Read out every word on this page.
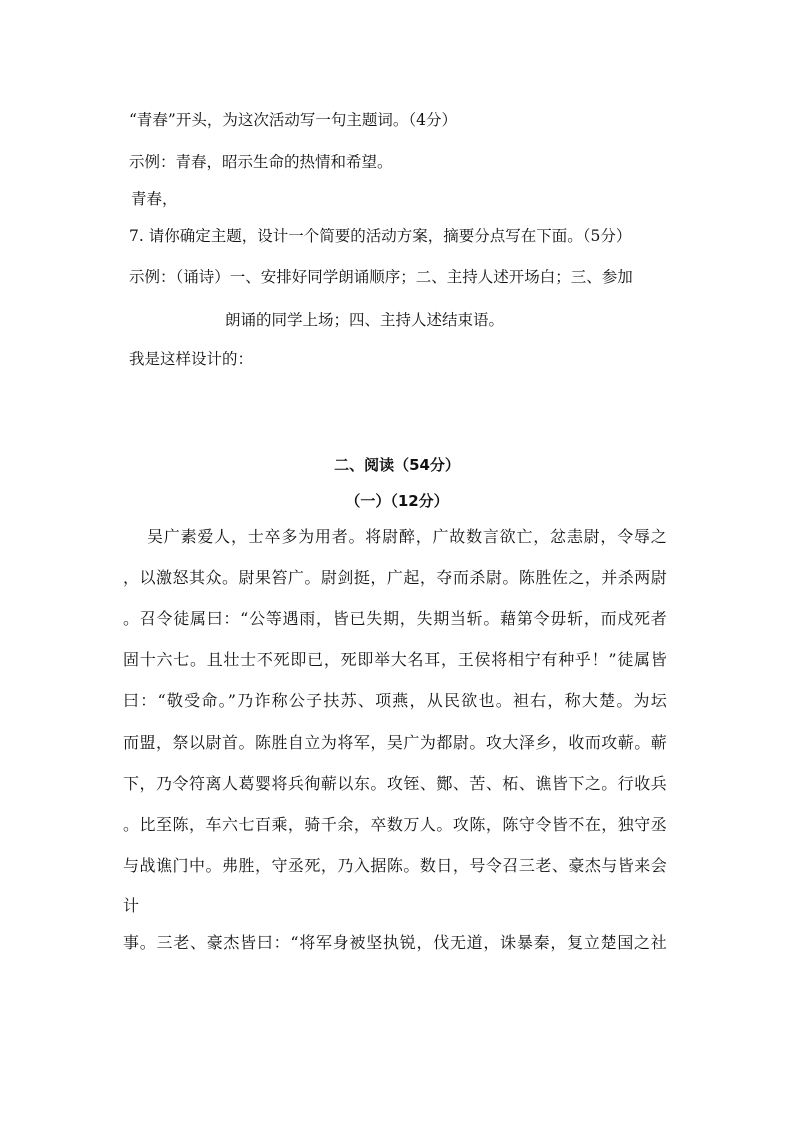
“青春”开头，为这次活动写一句主题词。（4分）
示例：青春，昭示生命的热情和希望。
青春，
7. 请你确定主题，设计一个简要的活动方案，摘要分点写在下面。（5分）
示例：（诵诗）一、安排好同学朗诵顺序；二、主持人述开场白；三、参加
朗诵的同学上场；四、主持人述结束语。
我是这样设计的：
二、阅读（54分）
（一）（12分）
吴广素爱人，士卒多为用者。将尉醉，广故数言欲亡，忿恚尉，令辱之
，以激怒其众。尉果笞广。尉剑挺，广起，夺而杀尉。陈胜佐之，并杀两尉
。召令徒属曰：“公等遇雨，皆已失期，失期当斩。藉第令毋斩，而戍死者
固十六七。且壮士不死即已，死即举大名耳，王侯将相宁有种乎！”徒属皆
曰：“敬受命。”乃诈称公子扶苏、项燕，从民欲也。袒右，称大楚。为坛
而盟，祭以尉首。陈胜自立为将军，吴广为都尉。攻大泽乡，收而攻蕲。蕲
下，乃令符离人葛婴将兵徇蕲以东。攻铚、酂、苦、柘、谯皆下之。行收兵
。比至陈，车六七百乘，骑千余，卒数万人。攻陈，陈守令皆不在，独守丞
与战谯门中。弗胜，守丞死，乃入据陈。数日，号令召三老、豪杰与皆来会
计
事。三老、豪杰皆曰：“将军身被坚执锐，伐无道，诛暴秦，复立楚国之社
